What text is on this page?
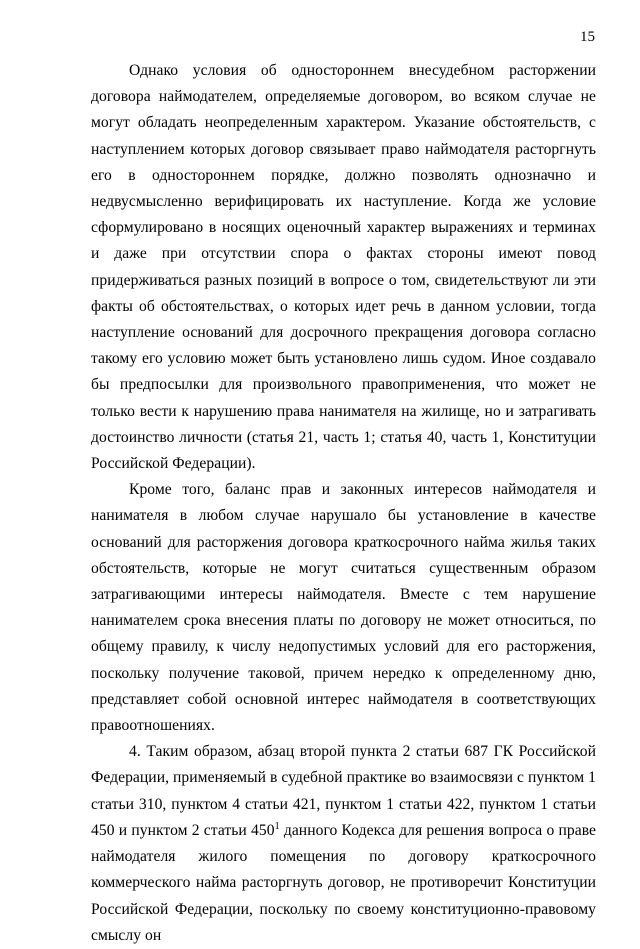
15

Однако условия об одностороннем внесудебном расторжении договора наймодателем, определяемые договором, во всяком случае не могут обладать неопределенным характером. Указание обстоятельств, с наступлением которых договор связывает право наймодателя расторгнуть его в одностороннем порядке, должно позволять однозначно и недвусмысленно верифицировать их наступление. Когда же условие сформулировано в носящих оценочный характер выражениях и терминах и даже при отсутствии спора о фактах стороны имеют повод придерживаться разных позиций в вопросе о том, свидетельствуют ли эти факты об обстоятельствах, о которых идет речь в данном условии, тогда наступление оснований для досрочного прекращения договора согласно такому его условию может быть установлено лишь судом. Иное создавало бы предпосылки для произвольного правоприменения, что может не только вести к нарушению права нанимателя на жилище, но и затрагивать достоинство личности (статья 21, часть 1; статья 40, часть 1, Конституции Российской Федерации).

Кроме того, баланс прав и законных интересов наймодателя и нанимателя в любом случае нарушало бы установление в качестве оснований для расторжения договора краткосрочного найма жилья таких обстоятельств, которые не могут считаться существенным образом затрагивающими интересы наймодателя. Вместе с тем нарушение нанимателем срока внесения платы по договору не может относиться, по общему правилу, к числу недопустимых условий для его расторжения, поскольку получение таковой, причем нередко к определенному дню, представляет собой основной интерес наймодателя в соответствующих правоотношениях.

4. Таким образом, абзац второй пункта 2 статьи 687 ГК Российской Федерации, применяемый в судебной практике во взаимосвязи с пунктом 1 статьи 310, пунктом 4 статьи 421, пунктом 1 статьи 422, пунктом 1 статьи 450 и пунктом 2 статьи $450^1$ данного Кодекса для решения вопроса о праве наймодателя жилого помещения по договору краткосрочного коммерческого найма расторгнуть договор, не противоречит Конституции Российской Федерации, поскольку по своему конституционно-правовому смыслу он
